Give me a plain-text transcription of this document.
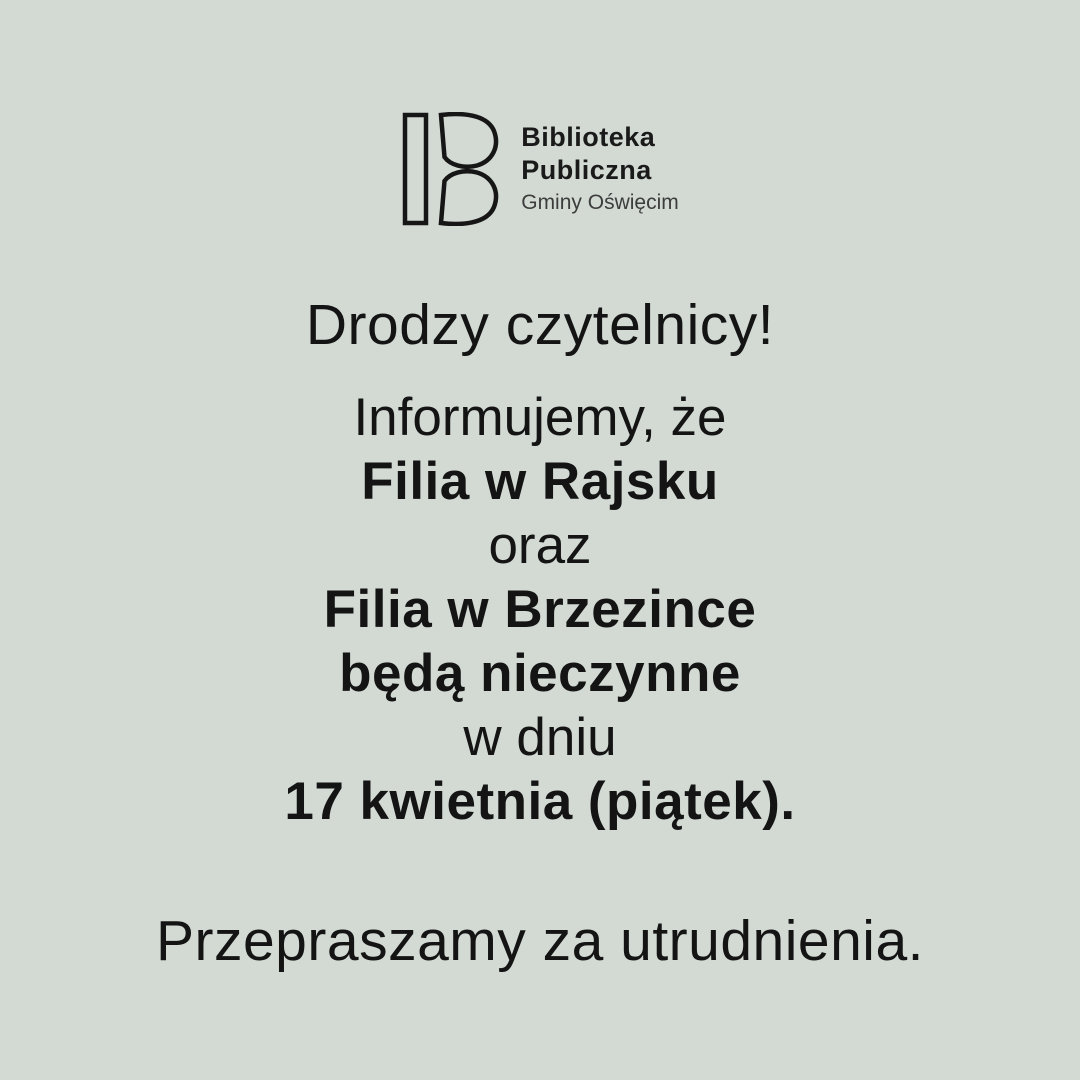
Biblioteka
Publiczna
Gminy Oświęcim
Drodzy czytelnicy!
Informujemy, że
Filia w Rajsku
oraz
Filia w Brzezince
będą nieczynne
w dniu
17 kwietnia (piątek).
Przepraszamy za utrudnienia.
